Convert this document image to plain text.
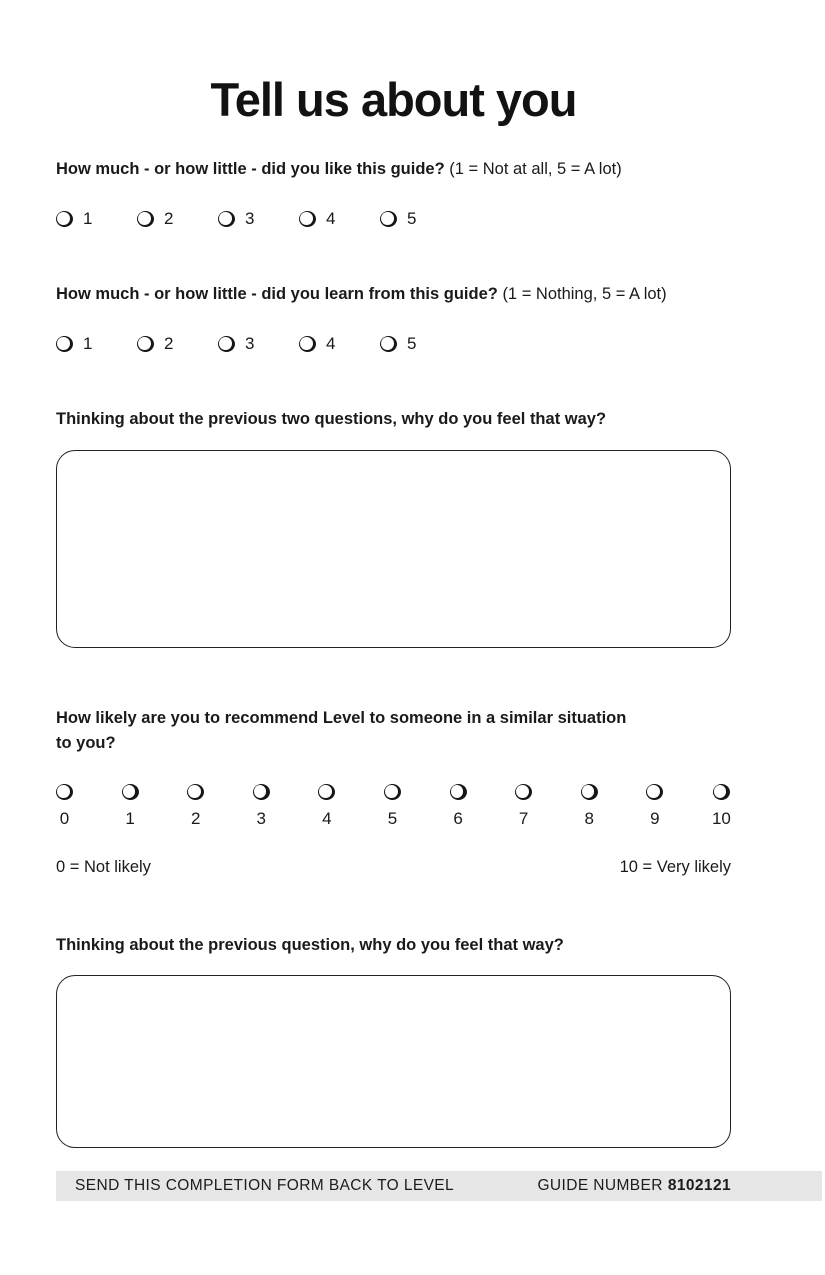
Tell us about you

How much - or how little - did you like this guide? (1 = Not at all, 5 = A lot)

1	2	3	4	5

How much - or how little - did you learn from this guide? (1 = Nothing, 5 = A lot)

1	2	3	4	5

Thinking about the previous two questions, why do you feel that way?

How likely are you to recommend Level to someone in a similar situation
to you?
0	1	2	3	4	5	6	7	8	9	10
0 = Not likely	10 = Very likely

Thinking about the previous question, why do you feel that way?

SEND THIS COMPLETION FORM BACK TO LEVEL	GUIDE NUMBER 8102121
